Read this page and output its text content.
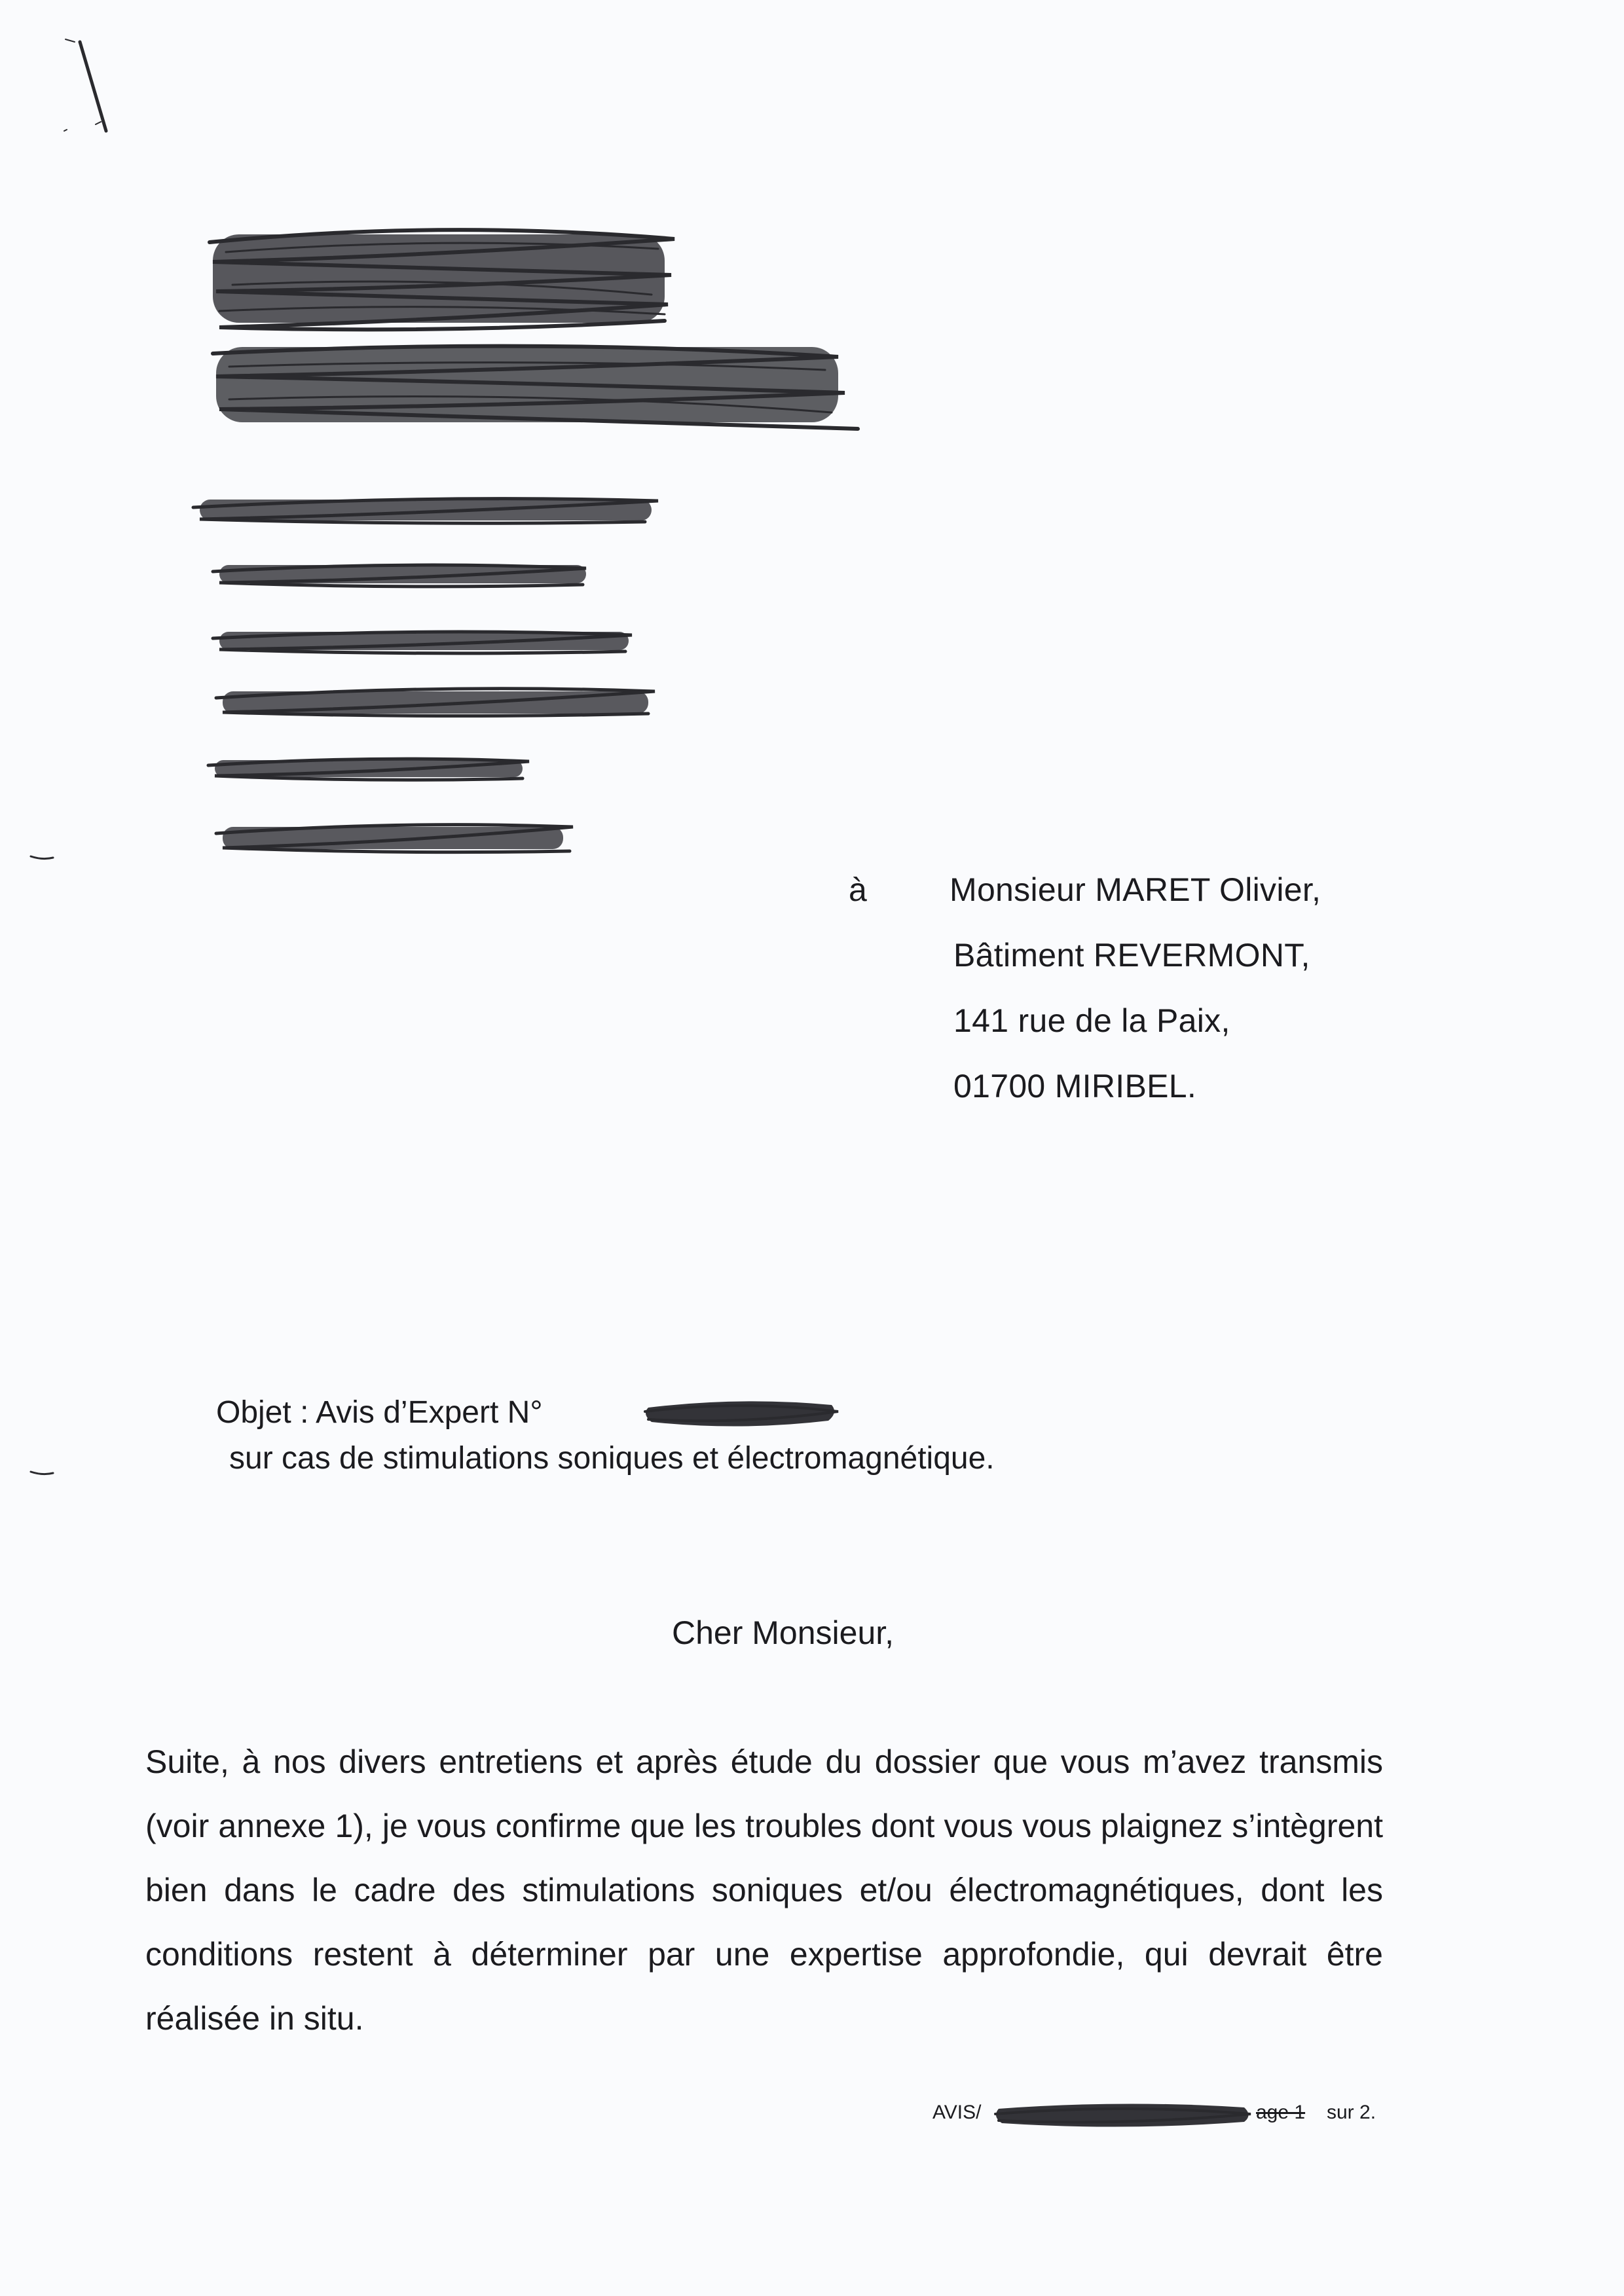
à	Monsieur MARET Olivier,
Bâtiment REVERMONT,
141 rue de la Paix,
01700 MIRIBEL.
Objet : Avis d’Expert N°
sur cas de stimulations soniques et électromagnétique.
Cher Monsieur,
Suite, à nos divers entretiens et après étude du dossier que vous m’avez transmis (voir annexe 1), je vous confirme que les troubles dont vous vous plaignez s’intègrent bien dans le cadre des stimulations soniques et/ou électromagnétiques, dont les conditions restent à déterminer par une expertise approfondie, qui devrait être réalisée in situ.
AVIS/	age 1 sur 2.
